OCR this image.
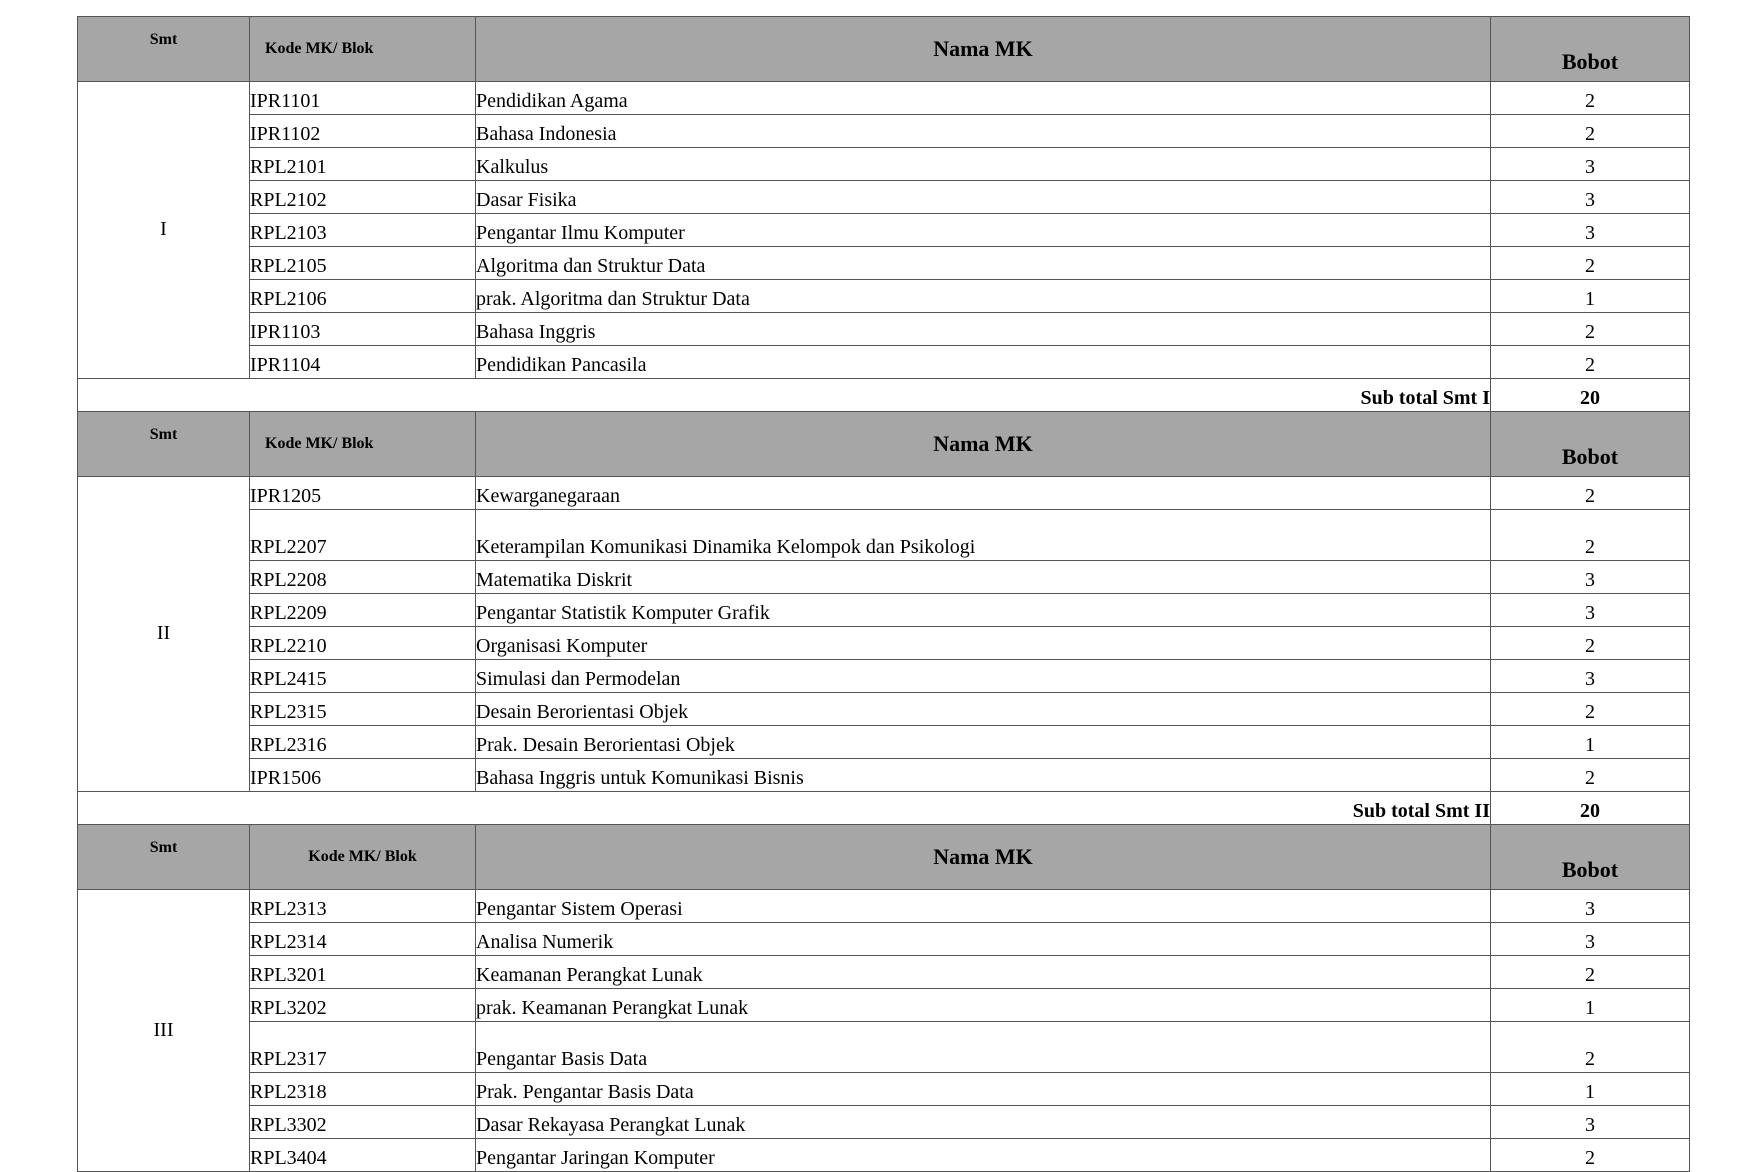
Smt	Kode MK/ Blok	Nama MK	Bobot
I	IPR1101	Pendidikan Agama	2
	IPR1102	Bahasa Indonesia	2
	RPL2101	Kalkulus	3
	RPL2102	Dasar Fisika	3
	RPL2103	Pengantar Ilmu Komputer	3
	RPL2105	Algoritma dan Struktur Data	2
	RPL2106	prak. Algoritma dan Struktur Data	1
	IPR1103	Bahasa Inggris	2
	IPR1104	Pendidikan Pancasila	2
Sub total Smt I			20
Smt	Kode MK/ Blok	Nama MK	Bobot
II	IPR1205	Kewarganegaraan	2
	RPL2207	Keterampilan Komunikasi Dinamika Kelompok dan Psikologi	2
	RPL2208	Matematika Diskrit	3
	RPL2209	Pengantar Statistik Komputer Grafik	3
	RPL2210	Organisasi Komputer	2
	RPL2415	Simulasi dan Permodelan	3
	RPL2315	Desain Berorientasi Objek	2
	RPL2316	Prak. Desain Berorientasi Objek	1
	IPR1506	Bahasa Inggris untuk Komunikasi Bisnis	2
Sub total Smt II			20
Smt	Kode MK/ Blok	Nama MK	Bobot
III	RPL2313	Pengantar Sistem Operasi	3
	RPL2314	Analisa Numerik	3
	RPL3201	Keamanan Perangkat Lunak	2
	RPL3202	prak. Keamanan Perangkat Lunak	1
	RPL2317	Pengantar Basis Data	2
	RPL2318	Prak. Pengantar Basis Data	1
	RPL3302	Dasar Rekayasa Perangkat Lunak	3
	RPL3404	Pengantar Jaringan Komputer	2
